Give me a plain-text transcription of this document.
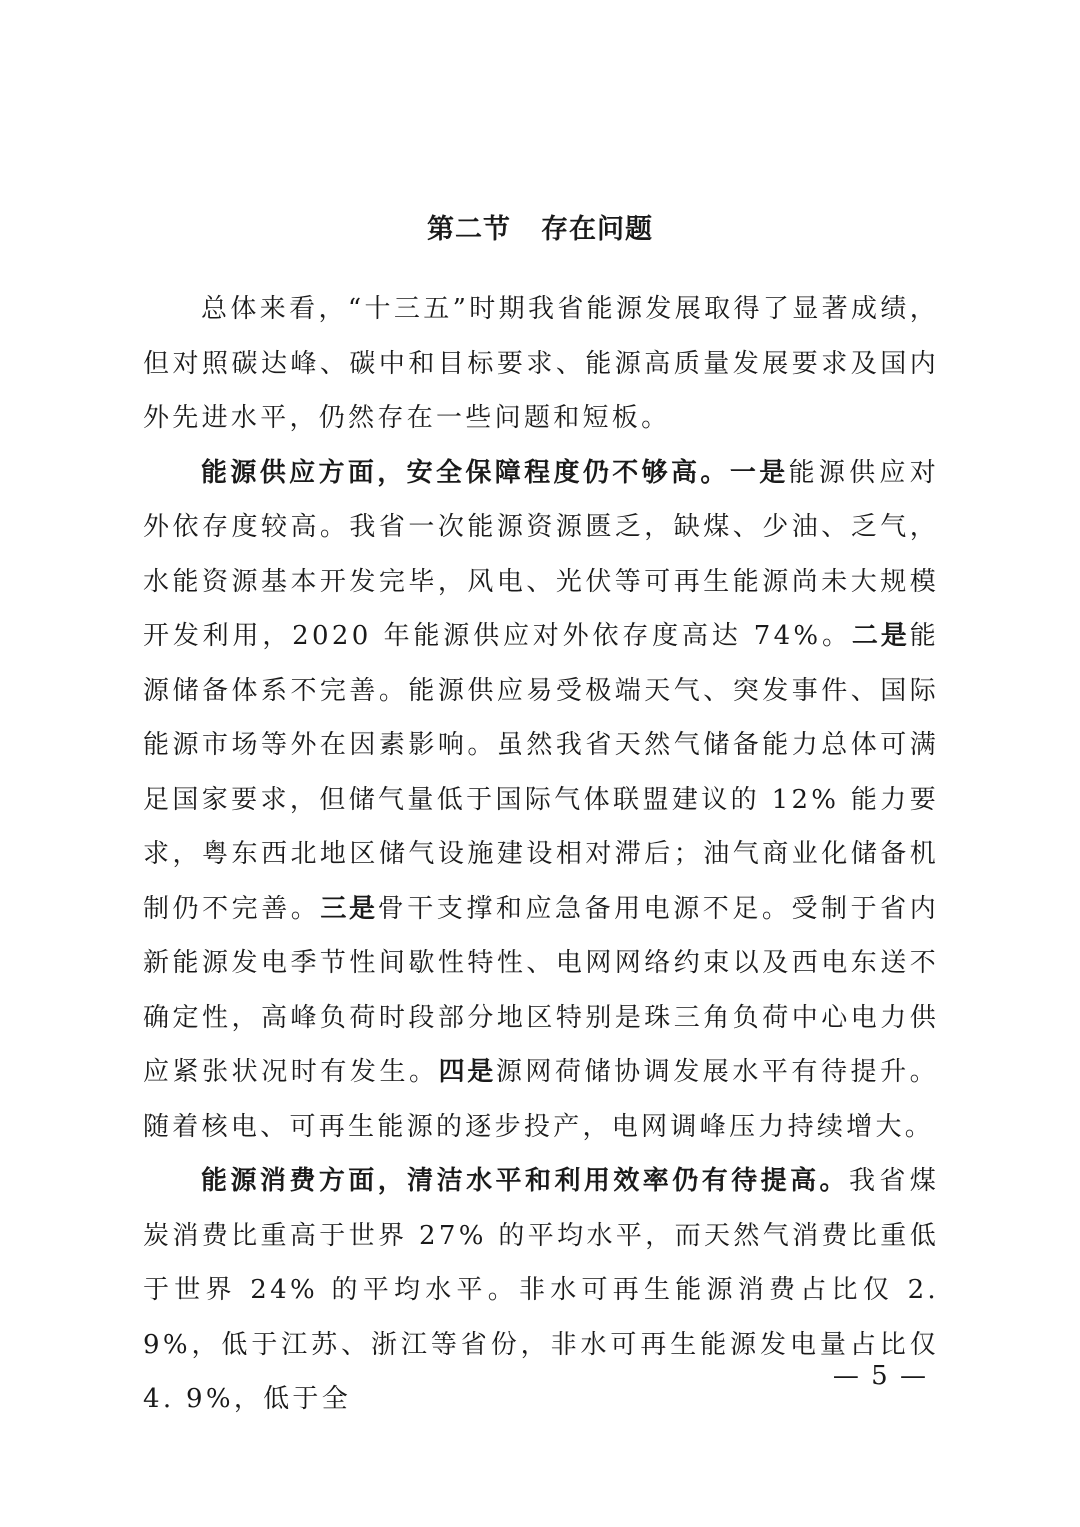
第二节 存在问题

总体来看，“十三五”时期我省能源发展取得了显著成绩，但对照碳达峰、碳中和目标要求、能源高质量发展要求及国内外先进水平，仍然存在一些问题和短板。

能源供应方面，安全保障程度仍不够高。一是能源供应对外依存度较高。我省一次能源资源匮乏，缺煤、少油、乏气，水能资源基本开发完毕，风电、光伏等可再生能源尚未大规模开发利用，2020 年能源供应对外依存度高达 74%。二是能源储备体系不完善。能源供应易受极端天气、突发事件、国际能源市场等外在因素影响。虽然我省天然气储备能力总体可满足国家要求，但储气量低于国际气体联盟建议的 12% 能力要求，粤东西北地区储气设施建设相对滞后；油气商业化储备机制仍不完善。三是骨干支撑和应急备用电源不足。受制于省内新能源发电季节性间歇性特性、电网网络约束以及西电东送不确定性，高峰负荷时段部分地区特别是珠三角负荷中心电力供应紧张状况时有发生。四是源网荷储协调发展水平有待提升。随着核电、可再生能源的逐步投产，电网调峰压力持续增大。

能源消费方面，清洁水平和利用效率仍有待提高。我省煤炭消费比重高于世界 27% 的平均水平，而天然气消费比重低于世界 24% 的平均水平。非水可再生能源消费占比仅 2. 9%，低于江苏、浙江等省份，非水可再生能源发电量占比仅 4. 9%，低于全

— 5 —
